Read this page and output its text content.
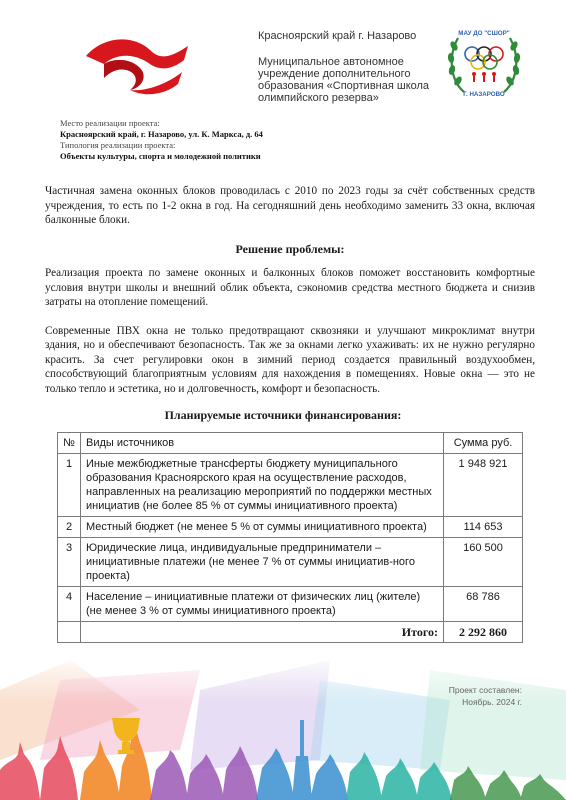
Красноярский край г. Назарово
Муниципальное автономное учреждение дополнительного образования «Спортивная школа олимпийского резерва»
МАУ ДО "СШОР"
Г. НАЗАРОВО
Место реализации проекта:
Красноярский край, г. Назарово, ул. К. Маркса, д. 64
Типология реализации проекта:
Объекты культуры, спорта и молодежной политики

Частичная замена оконных блоков проводилась с 2010 по 2023 годы за счёт собственных средств учреждения, то есть по 1-2 окна в год. На сегодняшний день необходимо заменить 33 окна, включая балконные блоки.

Решение проблемы:

Реализация проекта по замене оконных и балконных блоков поможет восстановить комфортные условия внутри школы и внешний облик объекта, сэкономив средства местного бюджета и снизив затраты на отопление помещений.

Современные ПВХ окна не только предотвращают сквозняки и улучшают микроклимат внутри здания, но и обеспечивают безопасность. Так же за окнами легко ухаживать: их не нужно регулярно красить. За счет регулировки окон в зимний период создается правильный воздухообмен, способствующий благоприятным условиям для нахождения в помещениях. Новые окна — это не только тепло и эстетика, но и долговечность, комфорт и безопасность.

Планируемые источники финансирования:
№	Виды источников	Сумма руб.
1	Иные межбюджетные трансферты бюджету муниципального образования Красноярского края на осуществление расходов, направленных на реализацию мероприятий по поддержки местных инициатив (не более 85 % от суммы инициативного проекта)	1 948 921
2	Местный бюджет (не менее 5 % от суммы инициативного проекта)	114 653
3	Юридические лица, индивидуальные предприниматели – инициативные платежи (не менее 7 % от суммы инициатив-ного проекта)	160 500
4	Население – инициативные платежи от физических лиц (жителе) (не менее 3 % от суммы инициативного проекта)	68 786
	Итого:	2 292 860
Проект составлен:
Ноябрь. 2024 г.
